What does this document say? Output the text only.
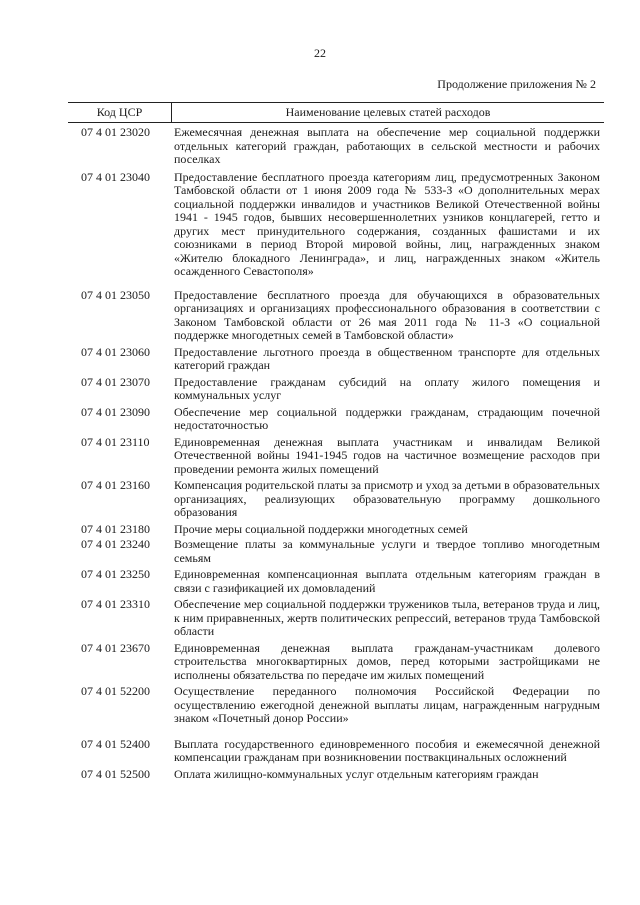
22
Продолжение приложения № 2
Код ЦСР	Наименование целевых статей расходов
07 4 01 23020	Ежемесячная денежная выплата на обеспечение мер социальной поддержки отдельных категорий граждан, работающих в сельской местности и рабочих поселках
07 4 01 23040	Предоставление бесплатного проезда категориям лиц, предусмотренных Законом Тамбовской области от 1 июня 2009 года № 533-З «О дополнительных мерах социальной поддержки инвалидов и участников Великой Отечественной войны 1941 - 1945 годов, бывших несовершеннолетних узников концлагерей, гетто и других мест принудительного содержания, созданных фашистами и их союзниками в период Второй мировой войны, лиц, награжденных знаком «Жителю блокадного Ленинграда», и лиц, награжденных знаком «Житель осажденного Севастополя»
07 4 01 23050	Предоставление бесплатного проезда для обучающихся в образовательных организациях и организациях профессионального образования в соответствии с Законом Тамбовской области от 26 мая 2011 года № 11-З «О социальной поддержке многодетных семей в Тамбовской области»
07 4 01 23060	Предоставление льготного проезда в общественном транспорте для отдельных категорий граждан
07 4 01 23070	Предоставление гражданам субсидий на оплату жилого помещения и коммунальных услуг
07 4 01 23090	Обеспечение мер социальной поддержки гражданам, страдающим почечной недостаточностью
07 4 01 23110	Единовременная денежная выплата участникам и инвалидам Великой Отечественной войны 1941-1945 годов на частичное возмещение расходов при проведении ремонта жилых помещений
07 4 01 23160	Компенсация родительской платы за присмотр и уход за детьми в образовательных организациях, реализующих образовательную программу дошкольного образования
07 4 01 23180	Прочие меры социальной поддержки многодетных семей
07 4 01 23240	Возмещение платы за коммунальные услуги и твердое топливо многодетным семьям
07 4 01 23250	Единовременная компенсационная выплата отдельным категориям граждан в связи с газификацией их домовладений
07 4 01 23310	Обеспечение мер социальной поддержки тружеников тыла, ветеранов труда и лиц, к ним приравненных, жертв политических репрессий, ветеранов труда Тамбовской области
07 4 01 23670	Единовременная денежная выплата гражданам-участникам долевого строительства многоквартирных домов, перед которыми застройщиками не исполнены обязательства по передаче им жилых помещений
07 4 01 52200	Осуществление переданного полномочия Российской Федерации по осуществлению ежегодной денежной выплаты лицам, награжденным нагрудным знаком «Почетный донор России»
07 4 01 52400	Выплата государственного единовременного пособия и ежемесячной денежной компенсации гражданам при возникновении поствакцинальных осложнений
07 4 01 52500	Оплата жилищно-коммунальных услуг отдельным категориям граждан
